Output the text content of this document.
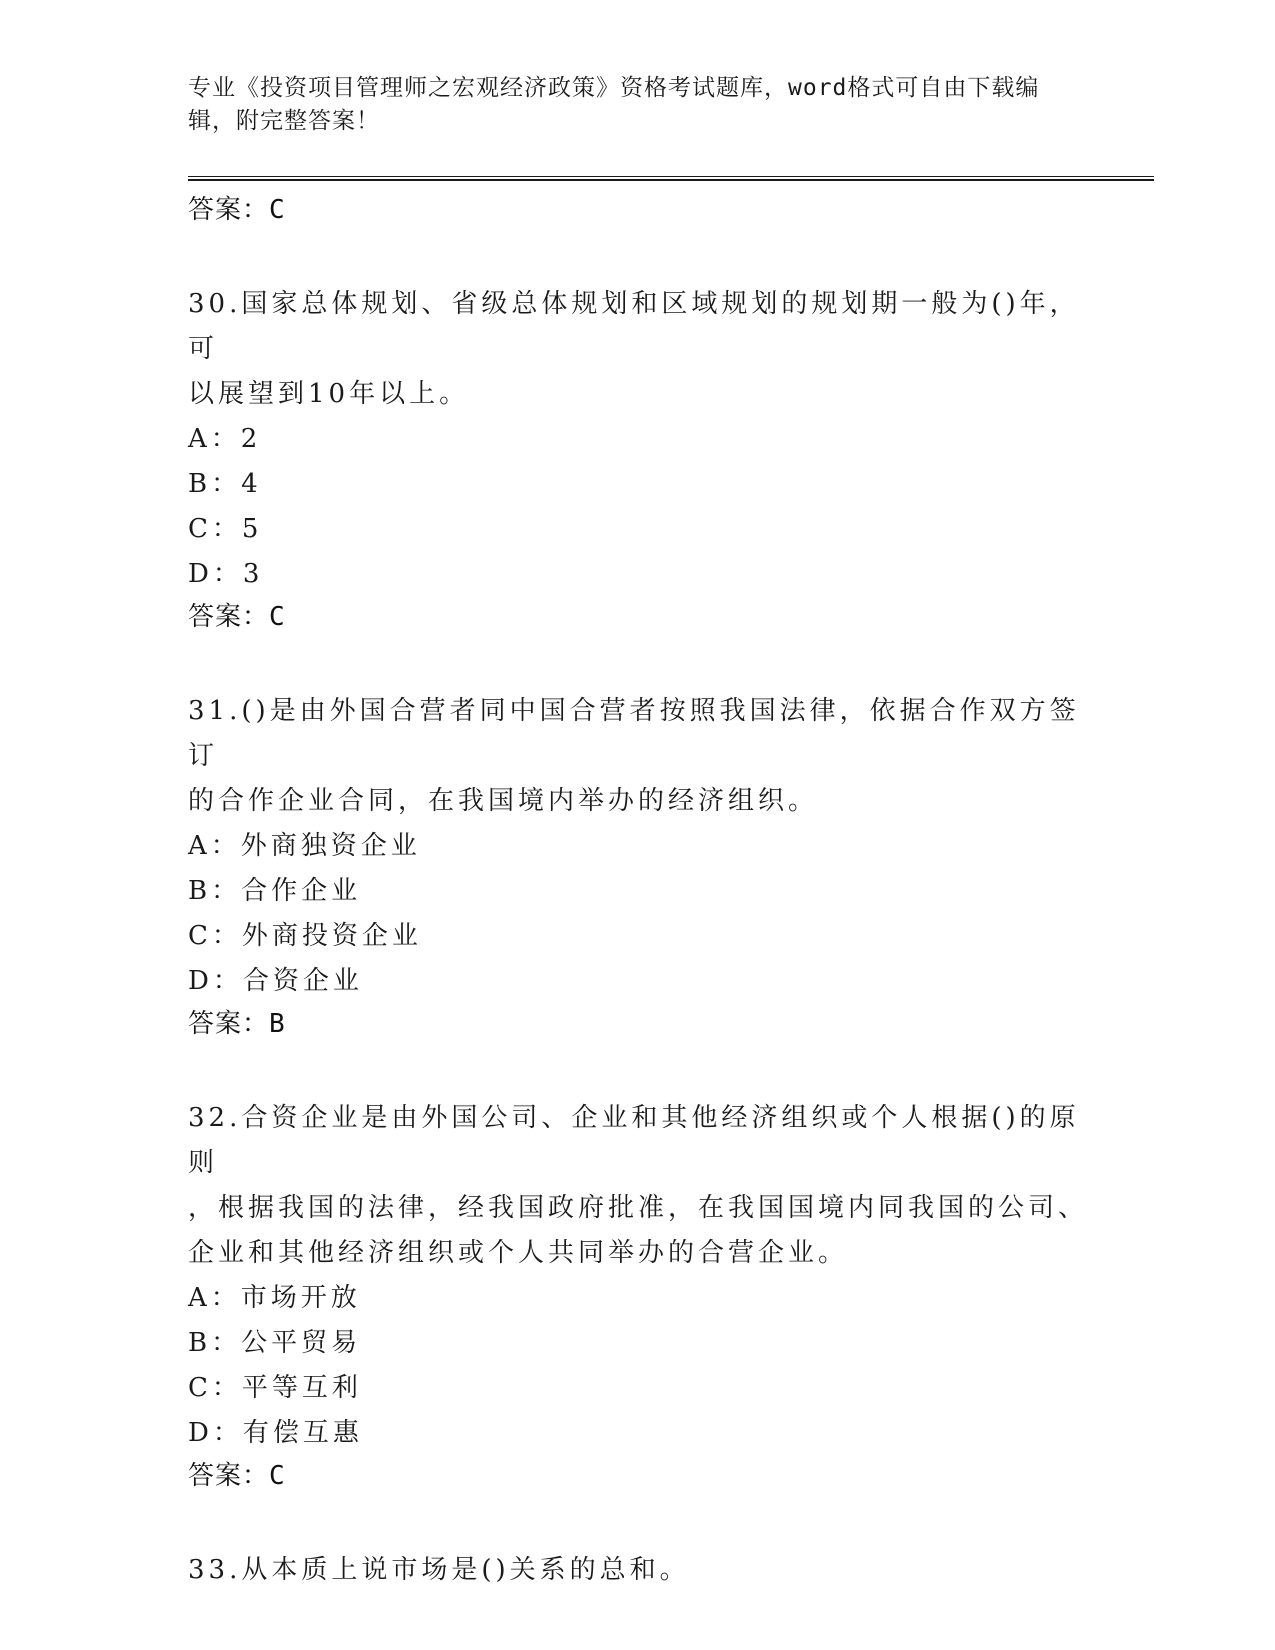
专业《投资项目管理师之宏观经济政策》资格考试题库，word格式可自由下载编
辑，附完整答案！
答案：C
30.国家总体规划、省级总体规划和区域规划的规划期一般为()年，可
以展望到10年以上。
A：2
B：4
C：5
D：3
答案：C
31.()是由外国合营者同中国合营者按照我国法律，依据合作双方签订
的合作企业合同，在我国境内举办的经济组织。
A：外商独资企业
B：合作企业
C：外商投资企业
D：合资企业
答案：B
32.合资企业是由外国公司、企业和其他经济组织或个人根据()的原则
，根据我国的法律，经我国政府批准，在我国国境内同我国的公司、
企业和其他经济组织或个人共同举办的合营企业。
A：市场开放
B：公平贸易
C：平等互利
D：有偿互惠
答案：C
33.从本质上说市场是()关系的总和。
